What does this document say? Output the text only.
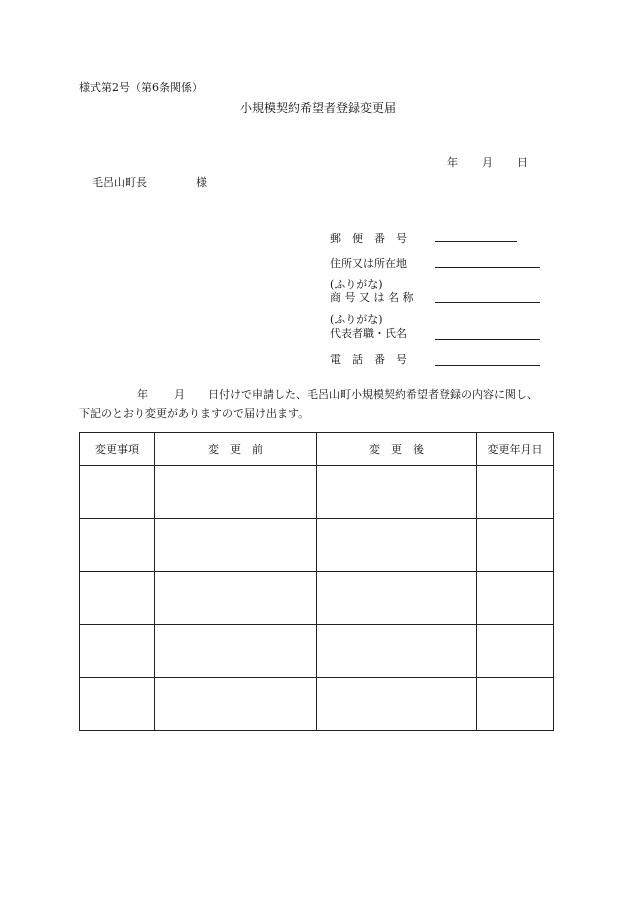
様式第2号（第6条関係）
小規模契約希望者登録変更届
年 月 日
毛呂山町長	様
郵　便　番　号
住所又は所在地
(ふりがな)
商 号 又 は 名 称
(ふりがな)
代表者職・氏名
電　話　番　号
年 月 日付けで申請した、毛呂山町小規模契約希望者登録の内容に関し、
下記のとおり変更がありますので届け出ます。
変更事項	変　更　前	変　更　後	変更年月日
